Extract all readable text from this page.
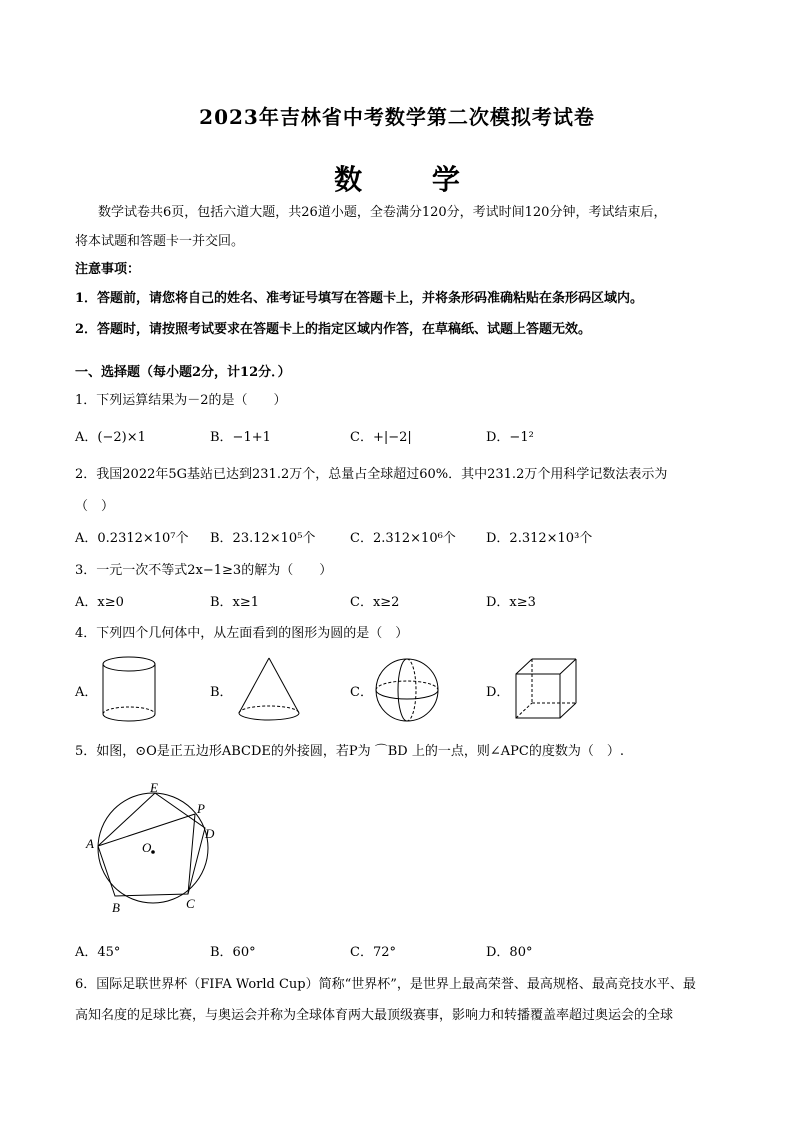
2023年吉林省中考数学第二次模拟考试卷
数 学
数学试卷共6页，包括六道大题，共26道小题，全卷满分120分，考试时间120分钟，考试结束后，
将本试题和答题卡一并交回。
注意事项：
1．答题前，请您将自己的姓名、准考证号填写在答题卡上，并将条形码准确粘贴在条形码区域内。
2．答题时，请按照考试要求在答题卡上的指定区域内作答，在草稿纸、试题上答题无效。
一、选择题（每小题2分，计12分．）
1．下列运算结果为－2的是（　　）
A．(−2)×1	B．−1+1	C．+|−2|	D．−1²
2．我国2022年5G基站已达到231.2万个，总量占全球超过60%．其中231.2万个用科学记数法表示为
（　）
A．0.2312×10⁷个 B．23.12×10⁵个	C．2.312×10⁶个 D．2.312×10³个
3．一元一次不等式2x−1≥3的解为（　　）
A．x≥0	B．x≥1	C．x≥2	D．x≥3
4．下列四个几何体中，从左面看到的图形为圆的是（　）
A．	B．	C．	D．
5．如图，⊙O是正五边形ABCDE的外接圆，若P为 ⌒BD 上的一点，则∠APC的度数为（　）.
E
P
D
A	O
B	C
A．45°	B．60°	C．72°	D．80°
6．国际足联世界杯（FIFA World Cup）简称“世界杯”，是世界上最高荣誉、最高规格、最高竞技水平、最
高知名度的足球比赛，与奥运会并称为全球体育两大最顶级赛事，影响力和转播覆盖率超过奥运会的全球
